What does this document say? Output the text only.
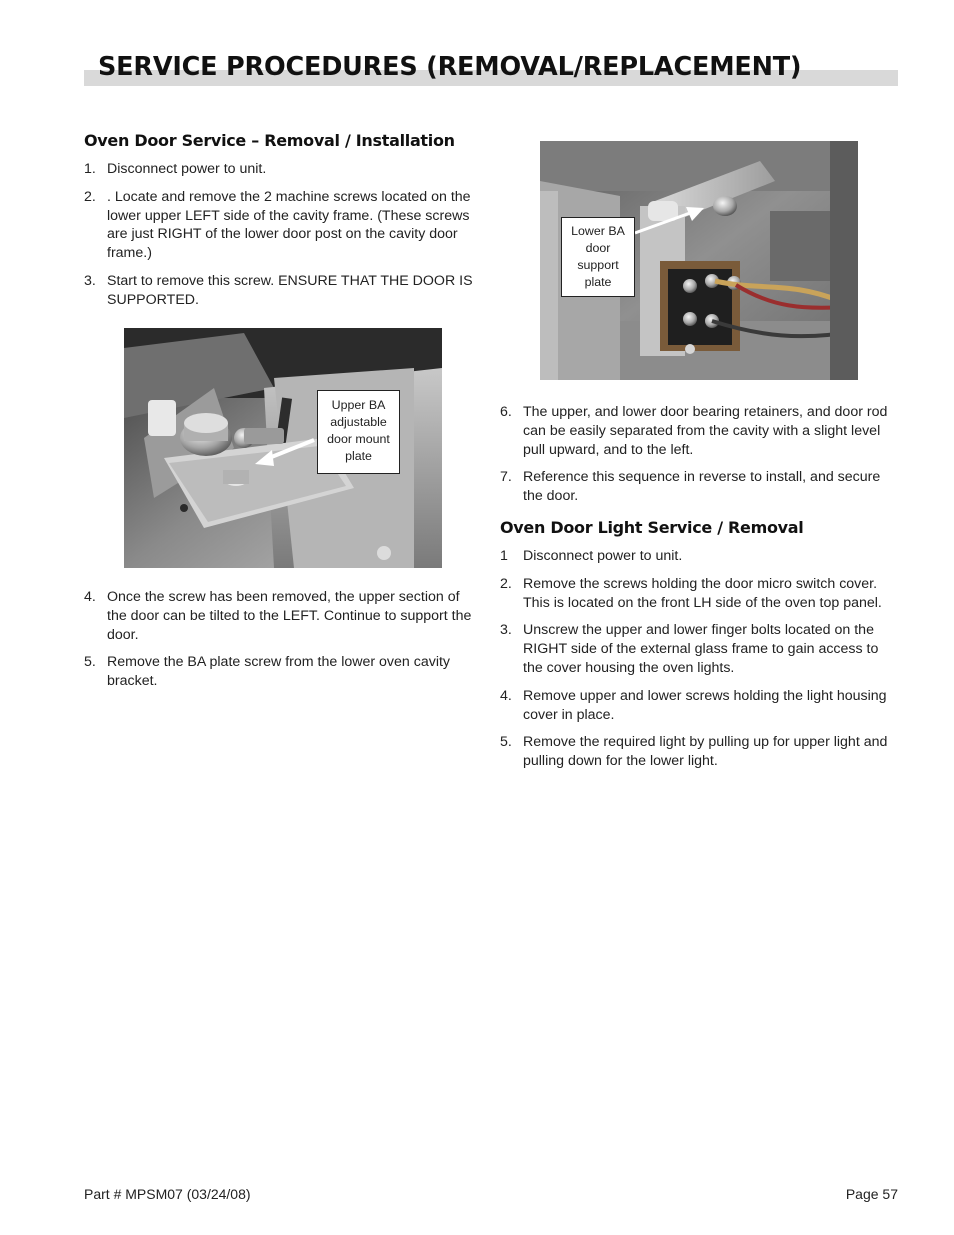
SERVICE PROCEDURES (REMOVAL/REPLACEMENT)
Oven Door Service – Removal / Installation
1. Disconnect power to unit.
2. . Locate and remove the 2 machine screws located on the lower upper LEFT side of the cavity frame. (These screws are just RIGHT of the lower door post on the cavity door frame.)
3. Start to remove this screw. ENSURE THAT THE DOOR IS SUPPORTED.
Upper BA adjustable door mount plate
4. Once the screw has been removed, the upper section of the door can be tilted to the LEFT. Continue to support the door.
5. Remove the BA plate screw from the lower oven cavity bracket.
Lower BA door support plate
6. The upper, and lower door bearing retainers, and door rod can be easily separated from the cavity with a slight level pull upward, and to the left.
7. Reference this sequence in reverse to install, and secure the door.
Oven Door Light Service / Removal
1 Disconnect power to unit.
2. Remove the screws holding the door micro switch cover. This is located on the front LH side of the oven top panel.
3. Unscrew the upper and lower finger bolts located on the RIGHT side of the external glass frame to gain access to the cover housing the oven lights.
4. Remove upper and lower screws holding the light housing cover in place.
5. Remove the required light by pulling up for upper light and pulling down for the lower light.

Part # MPSM07 (03/24/08)	Page 57
